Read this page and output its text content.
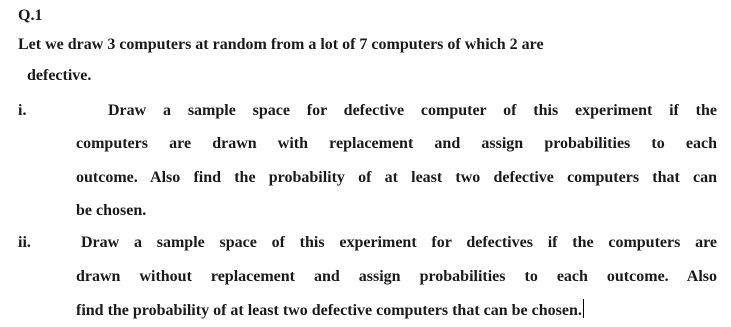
Q.1
Let we draw 3 computers at random from a lot of 7 computers of which 2 are
defective.
i.	Draw a sample space for defective computer of this experiment if the
computers are drawn with replacement and assign probabilities to each
outcome. Also find the probability of at least two defective computers that can
be chosen.
ii.	Draw a sample space of this experiment for defectives if the computers are
drawn without replacement and assign probabilities to each outcome. Also
find the probability of at least two defective computers that can be chosen.
